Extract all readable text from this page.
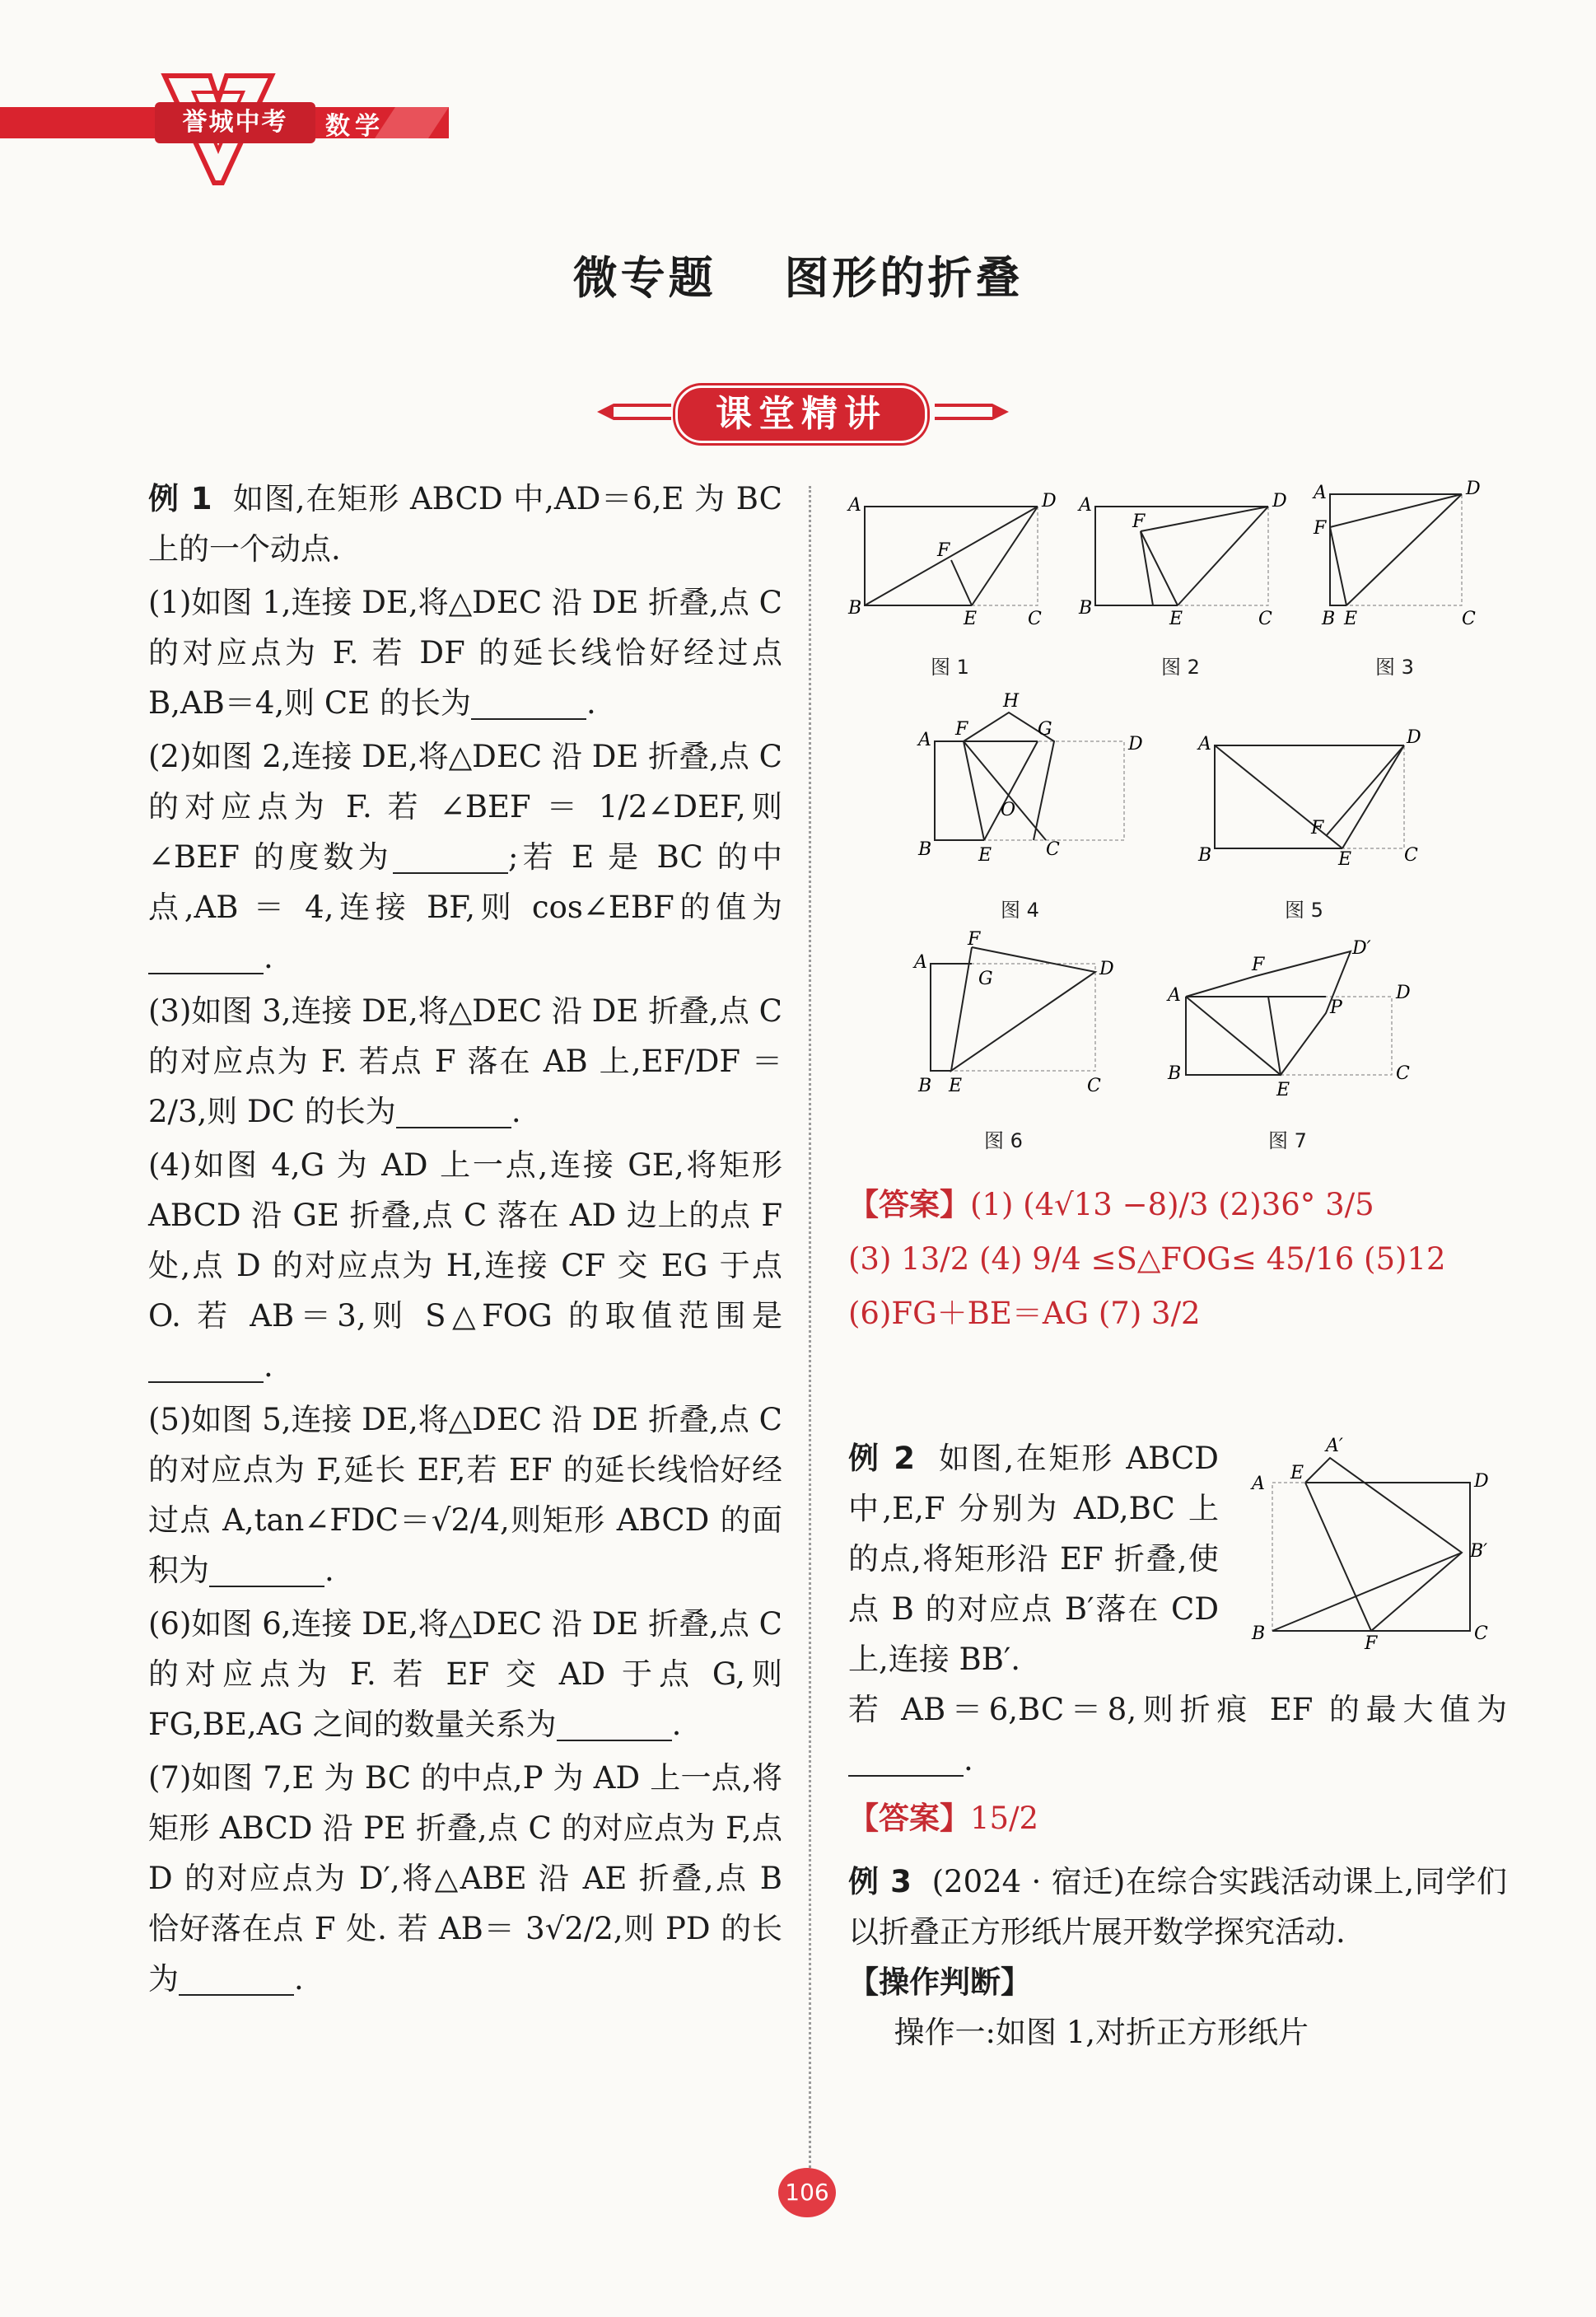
誉城中考	数学
微专题 图形的折叠
课堂精讲

例 1 如图,在矩形 ABCD 中,AD＝6,E 为 BC 上的一个动点.

(1)如图 1,连接 DE,将△DEC 沿 DE 折叠,点 C 的对应点为 F. 若 DF 的延长线恰好经过点 B,AB＝4,则 CE 的长为	.

(2)如图 2,连接 DE,将△DEC 沿 DE 折叠,点 C 的对应点为 F. 若 ∠BEF ＝ 1/2∠DEF,则∠BEF 的度数为	;若 E 是 BC 的中点,AB ＝ 4,连接 BF,则 cos∠EBF的值为.

(3)如图 3,连接 DE,将△DEC 沿 DE 折叠,点 C 的对应点为 F. 若点 F 落在 AB 上,EF/DF ＝ 2/3,则 DC 的长为	.

(4)如图 4,G 为 AD 上一点,连接 GE,将矩形 ABCD 沿 GE 折叠,点 C 落在 AD 边上的点 F 处,点 D 的对应点为 H,连接 CF 交 EG 于点 O. 若 AB＝3,则 S△FOG 的取值范围是.

(5)如图 5,连接 DE,将△DEC 沿 DE 折叠,点 C 的对应点为 F,延长 EF,若 EF 的延长线恰好经过点 A,tan∠FDC＝√2/4,则矩形 ABCD 的面积为	.

(6)如图 6,连接 DE,将△DEC 沿 DE 折叠,点 C 的对应点为 F. 若 EF 交 AD 于点 G,则 FG,BE,AG 之间的数量关系为	.

(7)如图 7,E 为 BC 的中点,P 为 AD 上一点,将矩形 ABCD 沿 PE 折叠,点 C 的对应点为 F,点 D 的对应点为 D′,将△ABE 沿 AE 折叠,点 B 恰好落在点 F 处. 若 AB＝ 3√2/2,则 PD 的长为	.

A	D
B
E	C
F
图 1
A	D
B
E	C
F
图 2
A	D
F
B E	C
图 3
A	D
B	E	C
F
H
G
O
图 4
A	D
B	E	C
F
图 5
A	D
B E	C
F
G
图 6
A
F
D′
P
D
B
E
C
图 7

【答案】(1) (4√13 −8)/3 (2)36° 3/5

(3) 13/2 (4) 9/4 ≤S△FOG≤ 45/16 (5)12

(6)FG＋BE＝AG (7) 3/2

例 2 如图,在矩形 ABCD 中,E,F 分别为 AD,BC 上的点,将矩形沿 EF 折叠,使点 B 的对应点 B′落在 CD 上,连接 BB′.

若 AB＝6,BC＝8,则折痕 EF 的最大值为.

【答案】15/2

例 3 (2024 · 宿迁)在综合实践活动课上,同学们以折叠正方形纸片展开数学探究活动.

【操作判断】

操作一:如图 1,对折正方形纸片

A
E
A′
D
B′
B	F	C
106
